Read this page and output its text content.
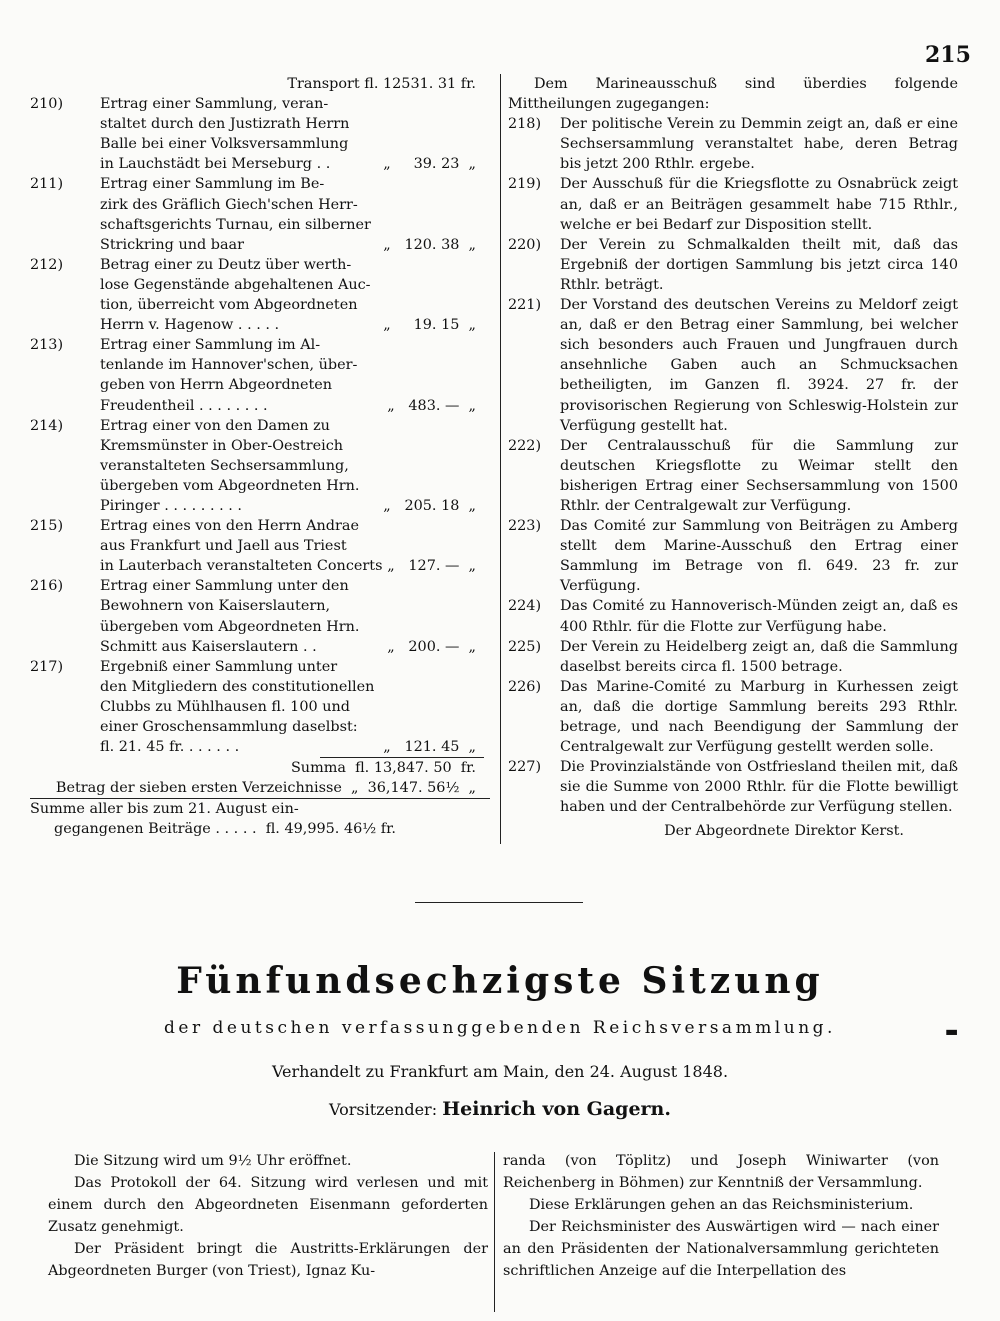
215
Transport fl. 12531. 31 fr.
210)	Ertrag einer Sammlung, veran-
staltet durch den Justizrath Herrn
Balle bei einer Volksversammlung
in Lauchstädt bei Merseburg . .	„     39. 23  „
211)	Ertrag einer Sammlung im Be-
zirk des Gräflich Giech'schen Herr-
schaftsgerichts Turnau, ein silberner
Strickring und baar	„   120. 38  „
212)	Betrag einer zu Deutz über werth-
lose Gegenstände abgehaltenen Auc-
tion, überreicht vom Abgeordneten
Herrn v. Hagenow . . . . .	„     19. 15  „
213)	Ertrag einer Sammlung im Al-
tenlande im Hannover'schen, über-
geben von Herrn Abgeordneten
Freudentheil . . . . . . . .	„   483. —  „
214)	Ertrag einer von den Damen zu
Kremsmünster in Ober-Oestreich
veranstalteten Sechsersammlung,
übergeben vom Abgeordneten Hrn.
Piringer . . . . . . . . .	„   205. 18  „
215)	Ertrag eines von den Herrn Andrae
aus Frankfurt und Jaell aus Triest
in Lauterbach veranstalteten Concerts „   127. —  „
216)	Ertrag einer Sammlung unter den
Bewohnern von Kaiserslautern,
übergeben vom Abgeordneten Hrn.
Schmitt aus Kaiserslautern . .	„   200. —  „
217)	Ergebniß einer Sammlung unter
den Mitgliedern des constitutionellen
Clubbs zu Mühlhausen fl. 100 und
einer Groschensammlung daselbst:
fl. 21. 45 fr. . . . . . .	„   121. 45  „
Summa  fl. 13,847. 50  fr.
Betrag der sieben ersten Verzeichnisse  „  36,147. 56½  „
Summe aller bis zum 21. August ein-
gegangenen Beiträge . . . . .  fl. 49,995. 46½ fr.
Dem Marineausschuß sind überdies folgende Mittheilungen zugegangen:
218) Der politische Verein zu Demmin zeigt an, daß er eine Sechsersammlung veranstaltet habe, deren Betrag bis jetzt 200 Rthlr. ergebe.
219) Der Ausschuß für die Kriegsflotte zu Osnabrück zeigt an, daß er an Beiträgen gesammelt habe 715 Rthlr., welche er bei Bedarf zur Disposition stellt.
220) Der Verein zu Schmalkalden theilt mit, daß das Ergebniß der dortigen Sammlung bis jetzt circa 140 Rthlr. beträgt.
221) Der Vorstand des deutschen Vereins zu Meldorf zeigt an, daß er den Betrag einer Sammlung, bei welcher sich besonders auch Frauen und Jungfrauen durch ansehnliche Gaben auch an Schmucksachen betheiligten, im Ganzen fl. 3924. 27 fr. der provisorischen Regierung von Schleswig-Holstein zur Verfügung gestellt hat.
222) Der Centralausschuß für die Sammlung zur deutschen Kriegsflotte zu Weimar stellt den bisherigen Ertrag einer Sechsersammlung von 1500 Rthlr. der Centralgewalt zur Verfügung.
223) Das Comité zur Sammlung von Beiträgen zu Amberg stellt dem Marine-Ausschuß den Ertrag einer Sammlung im Betrage von fl. 649. 23 fr. zur Verfügung.
224) Das Comité zu Hannoverisch-Münden zeigt an, daß es 400 Rthlr. für die Flotte zur Verfügung habe.
225) Der Verein zu Heidelberg zeigt an, daß die Sammlung daselbst bereits circa fl. 1500 betrage.
226) Das Marine-Comité zu Marburg in Kurhessen zeigt an, daß die dortige Sammlung bereits 293 Rthlr. betrage, und nach Beendigung der Sammlung der Centralgewalt zur Verfügung gestellt werden solle.
227) Die Provinzialstände von Ostfriesland theilen mit, daß sie die Summe von 2000 Rthlr. für die Flotte bewilligt haben und der Centralbehörde zur Verfügung stellen.
Der Abgeordnete Direktor Kerst.
Fünfundsechzigste Sitzung
▬
der deutschen verfassunggebenden Reichsversammlung.
Verhandelt zu Frankfurt am Main, den 24. August 1848.
Vorsitzender: Heinrich von Gagern.
Die Sitzung wird um 9½ Uhr eröffnet.
Das Protokoll der 64. Sitzung wird verlesen und mit einem durch den Abgeordneten Eisenmann geforderten Zusatz genehmigt.
Der Präsident bringt die Austritts-Erklärungen der Abgeordneten Burger (von Triest), Ignaz Ku-
randa (von Töplitz) und Joseph Winiwarter (von Reichenberg in Böhmen) zur Kenntniß der Versammlung.
Diese Erklärungen gehen an das Reichsministerium.
Der Reichsminister des Auswärtigen wird — nach einer an den Präsidenten der Nationalversammlung gerichteten schriftlichen Anzeige auf die Interpellation des
